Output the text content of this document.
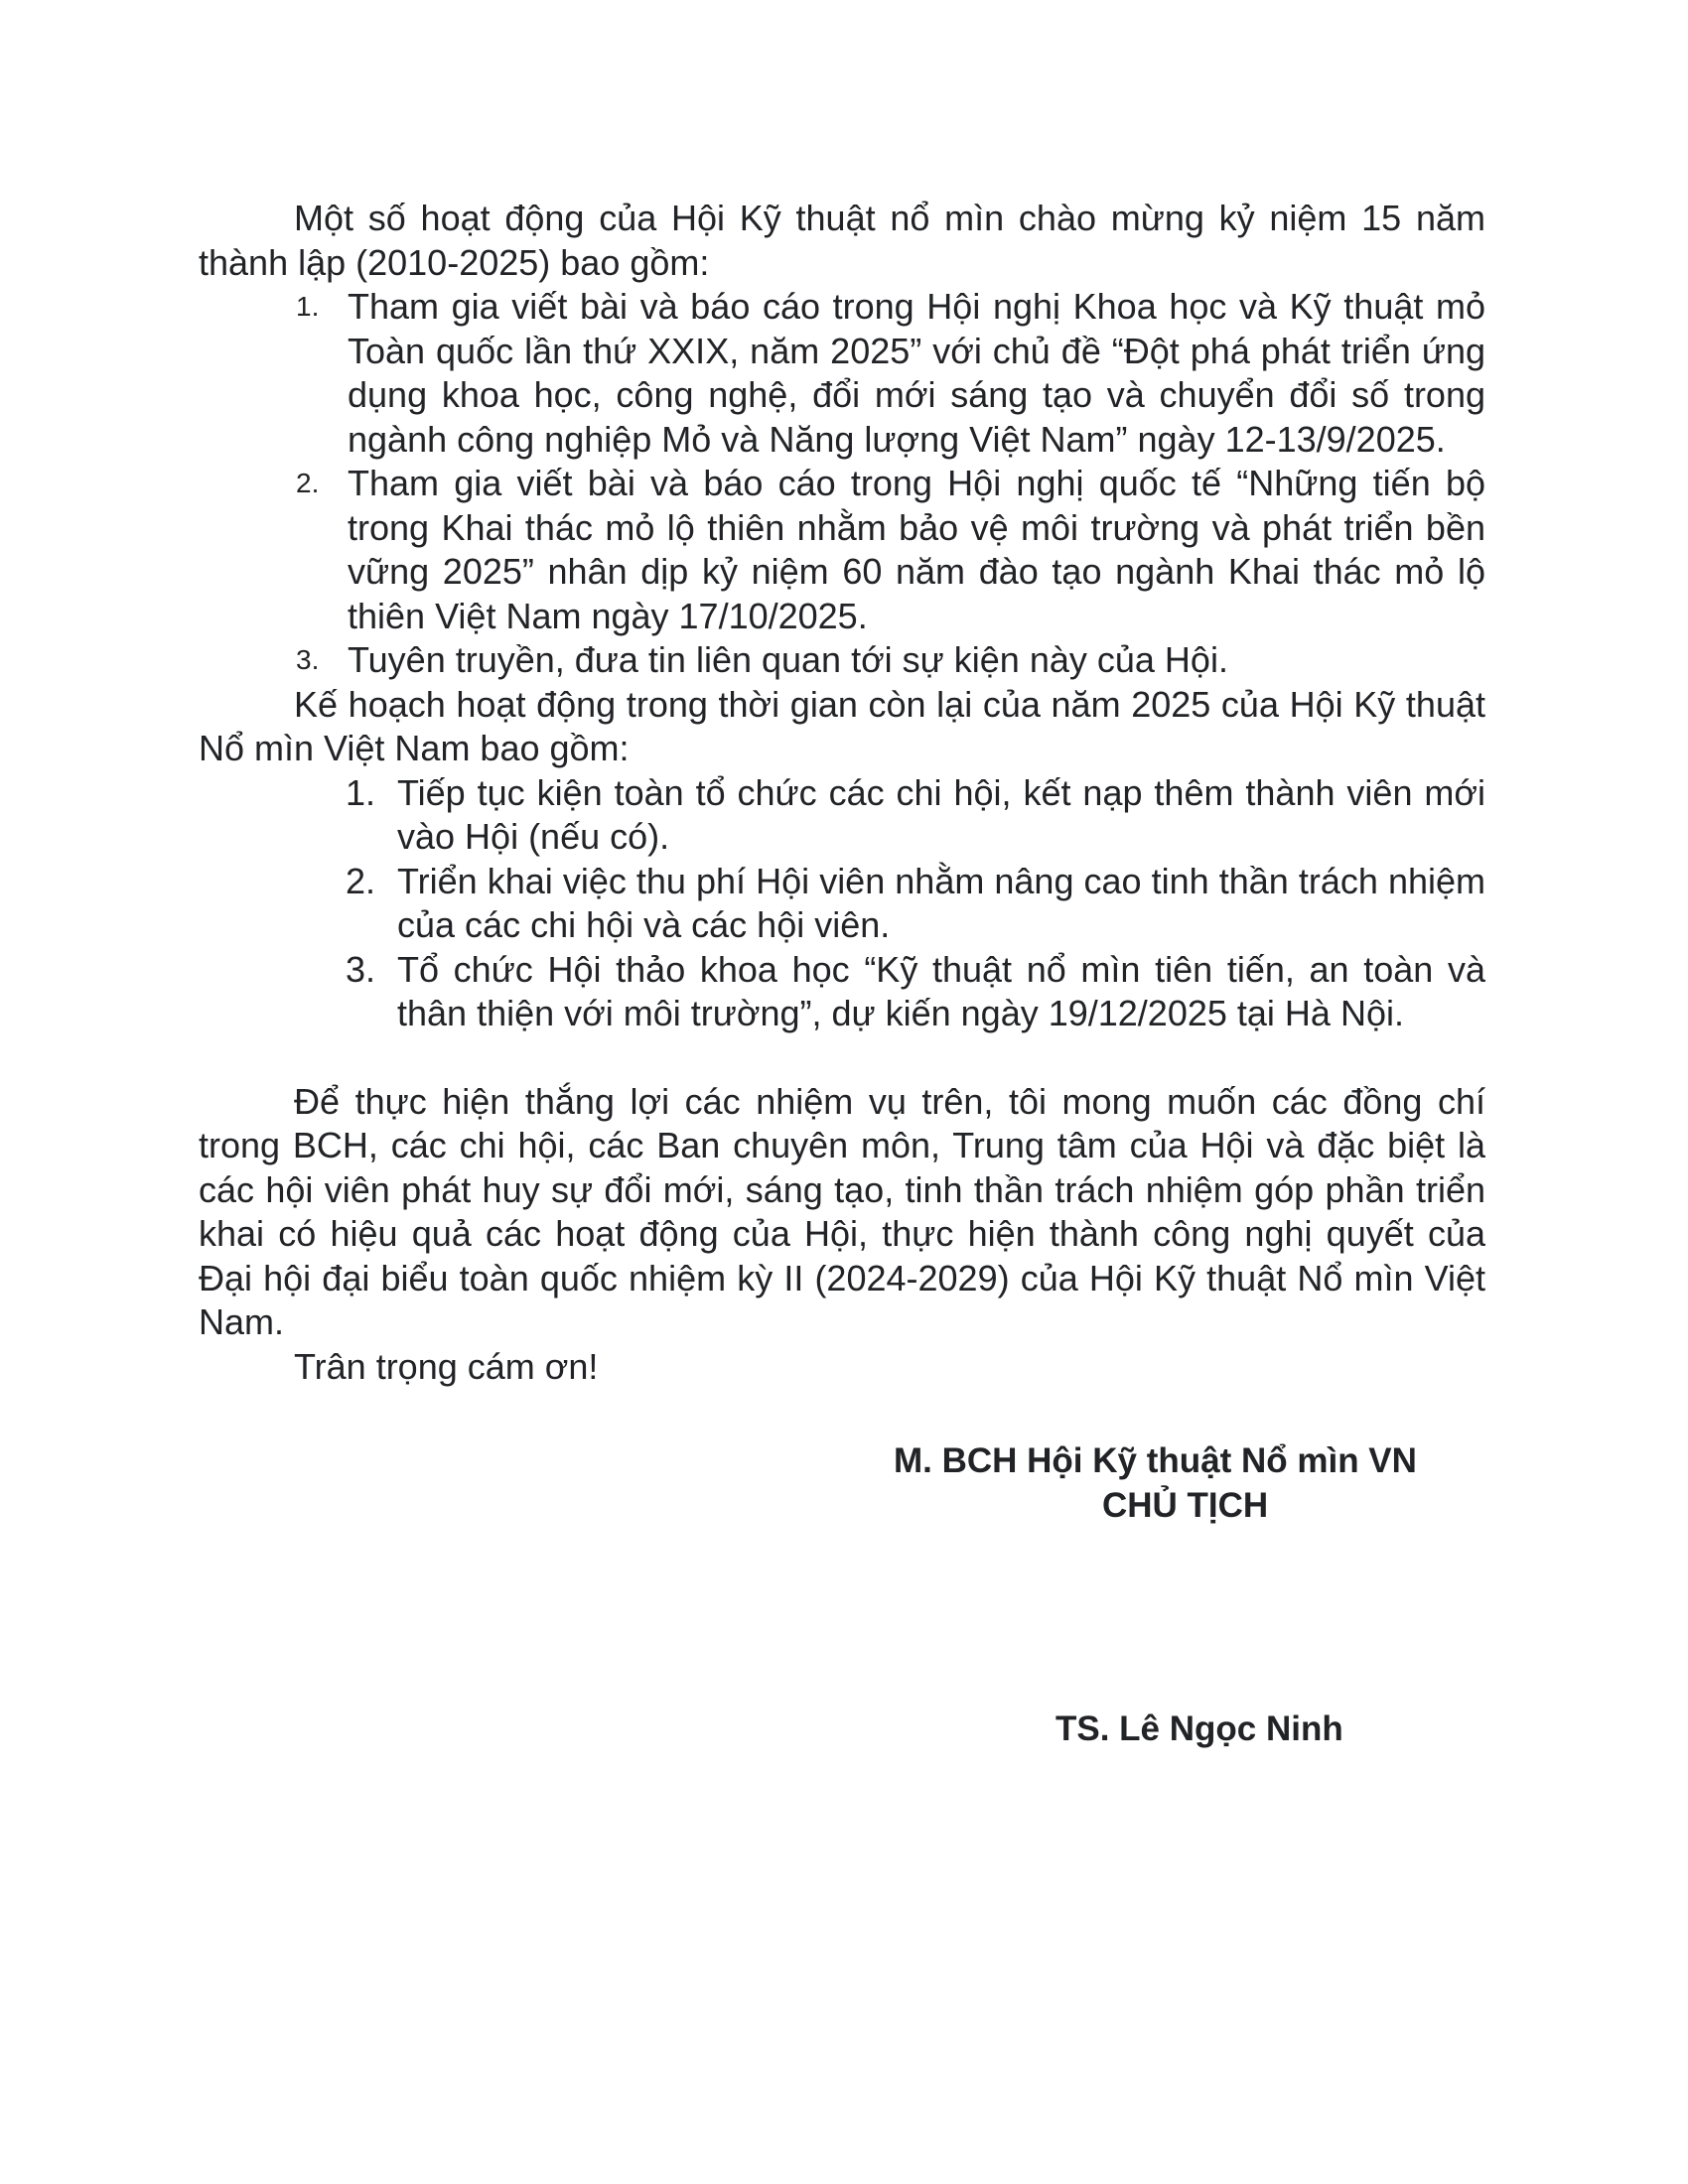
Một số hoạt động của Hội Kỹ thuật nổ mìn chào mừng kỷ niệm 15 năm thành lập (2010-2025) bao gồm:

1. Tham gia viết bài và báo cáo trong Hội nghị Khoa học và Kỹ thuật mỏ Toàn quốc lần thứ XXIX, năm 2025” với chủ đề “Đột phá phát triển ứng dụng khoa học, công nghệ, đổi mới sáng tạo và chuyển đổi số trong ngành công nghiệp Mỏ và Năng lượng Việt Nam” ngày 12-13/9/2025.
2. Tham gia viết bài và báo cáo trong Hội nghị quốc tế “Những tiến bộ trong Khai thác mỏ lộ thiên nhằm bảo vệ môi trường và phát triển bền vững 2025” nhân dịp kỷ niệm 60 năm đào tạo ngành Khai thác mỏ lộ thiên Việt Nam ngày 17/10/2025.
3. Tuyên truyền, đưa tin liên quan tới sự kiện này của Hội.

Kế hoạch hoạt động trong thời gian còn lại của năm 2025 của Hội Kỹ thuật Nổ mìn Việt Nam bao gồm:

1. Tiếp tục kiện toàn tổ chức các chi hội, kết nạp thêm thành viên mới vào Hội (nếu có).
2. Triển khai việc thu phí Hội viên nhằm nâng cao tinh thần trách nhiệm của các chi hội và các hội viên.
3. Tổ chức Hội thảo khoa học “Kỹ thuật nổ mìn tiên tiến, an toàn và thân thiện với môi trường”, dự kiến ngày 19/12/2025 tại Hà Nội.

Để thực hiện thắng lợi các nhiệm vụ trên, tôi mong muốn các đồng chí trong BCH, các chi hội, các Ban chuyên môn, Trung tâm của Hội và đặc biệt là các hội viên phát huy sự đổi mới, sáng tạo, tinh thần trách nhiệm góp phần triển khai có hiệu quả các hoạt động của Hội, thực hiện thành công nghị quyết của Đại hội đại biểu toàn quốc nhiệm kỳ II (2024-2029) của Hội Kỹ thuật Nổ mìn Việt Nam.

Trân trọng cám ơn!

M. BCH Hội Kỹ thuật Nổ mìn VN
CHỦ TỊCH
TS. Lê Ngọc Ninh
